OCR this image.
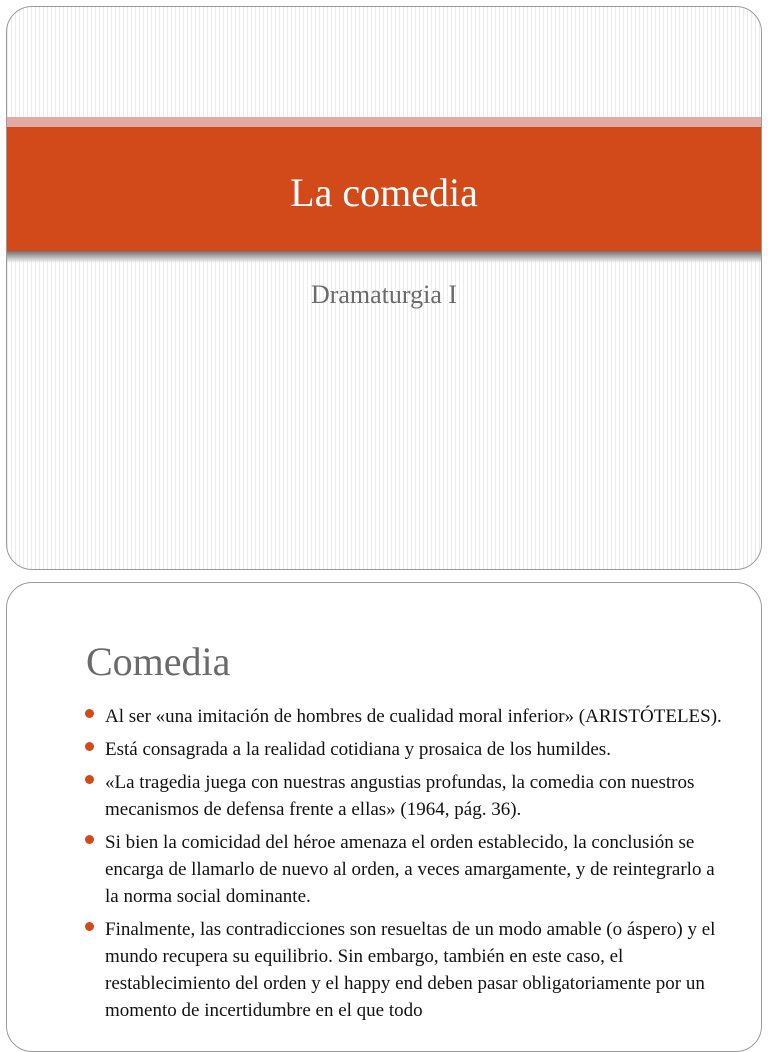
La comedia
Dramaturgia I
Comedia
Al ser «una imitación de hombres de cualidad moral inferior» (ARISTÓTELES).
Está consagrada a la realidad cotidiana y prosaica de los humildes.
«La tragedia juega con nuestras angustias profundas, la comedia con nuestros mecanismos de defensa frente a ellas» (1964, pág. 36).
Si bien la comicidad del héroe amenaza el orden establecido, la conclusión se encarga de llamarlo de nuevo al orden, a veces amargamente, y de reintegrarlo a la norma social dominante.
Finalmente, las contradicciones son resueltas de un modo amable (o áspero) y el mundo recupera su equilibrio. Sin embargo, también en este caso, el restablecimiento del orden y el happy end deben pasar obligatoriamente por un momento de incertidumbre en el que todo
